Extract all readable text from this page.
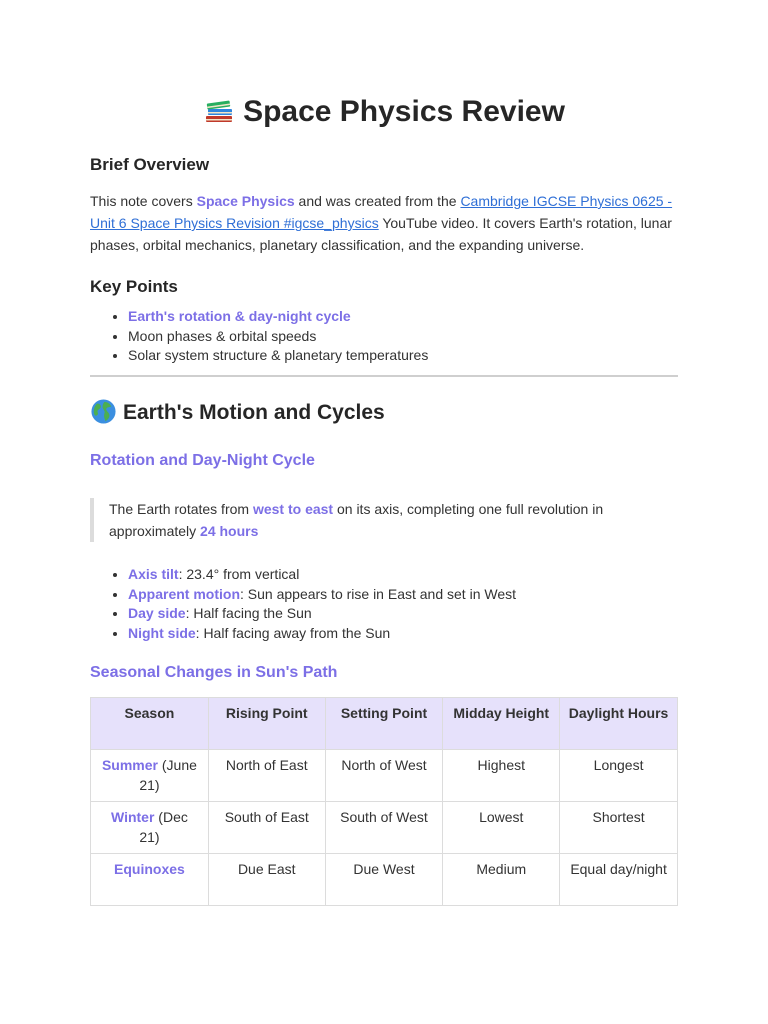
Space Physics Review
Brief Overview

This note covers Space Physics and was created from the Cambridge IGCSE Physics 0625 - Unit 6 Space Physics Revision #igcse_physics YouTube video. It covers Earth's rotation, lunar phases, orbital mechanics, planetary classification, and the expanding universe.

Key Points
• Earth's rotation & day-night cycle
• Moon phases & orbital speeds
• Solar system structure & planetary temperatures
Earth's Motion and Cycles
Rotation and Day-Night Cycle
The Earth rotates from west to east on its axis, completing one full revolution in approximately 24 hours
• Axis tilt: 23.4° from vertical
• Apparent motion: Sun appears to rise in East and set in West
• Day side: Half facing the Sun
• Night side: Half facing away from the Sun
Seasonal Changes in Sun's Path
Season	Rising Point	Setting Point	Midday Height	Daylight Hours
Summer (June 21)	North of East	North of West	Highest	Longest
Winter (Dec 21)	South of East	South of West	Lowest	Shortest
Equinoxes	Due East	Due West	Medium	Equal day/night
